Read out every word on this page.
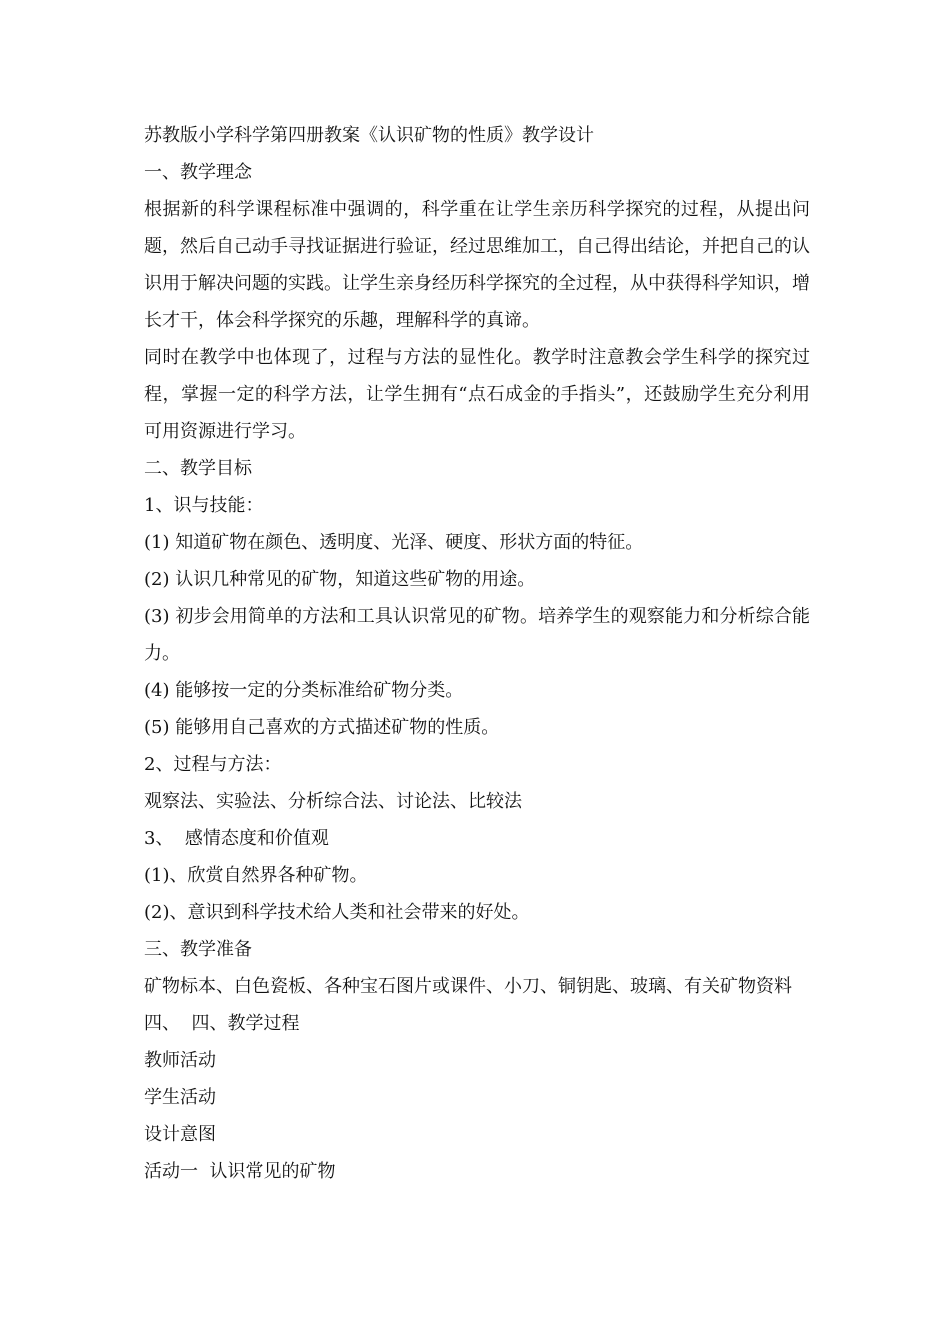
苏教版小学科学第四册教案《认识矿物的性质》教学设计

一、教学理念

根据新的科学课程标准中强调的，科学重在让学生亲历科学探究的过程，从提出问题，然后自己动手寻找证据进行验证，经过思维加工，自己得出结论，并把自己的认识用于解决问题的实践。让学生亲身经历科学探究的全过程，从中获得科学知识，增长才干，体会科学探究的乐趣，理解科学的真谛。

同时在教学中也体现了，过程与方法的显性化。教学时注意教会学生科学的探究过程，掌握一定的科学方法，让学生拥有“点石成金的手指头”，还鼓励学生充分利用可用资源进行学习。

二、教学目标

1、识与技能：

(1) 知道矿物在颜色、透明度、光泽、硬度、形状方面的特征。

(2) 认识几种常见的矿物，知道这些矿物的用途。

(3) 初步会用简单的方法和工具认识常见的矿物。培养学生的观察能力和分析综合能力。

(4) 能够按一定的分类标准给矿物分类。

(5) 能够用自己喜欢的方式描述矿物的性质。

2、过程与方法：

观察法、实验法、分析综合法、讨论法、比较法

3、  感情态度和价值观

(1)、欣赏自然界各种矿物。

(2)、意识到科学技术给人类和社会带来的好处。

三、教学准备

矿物标本、白色瓷板、各种宝石图片或课件、小刀、铜钥匙、玻璃、有关矿物资料

四、  四、教学过程

教师活动

学生活动

设计意图

活动一  认识常见的矿物
